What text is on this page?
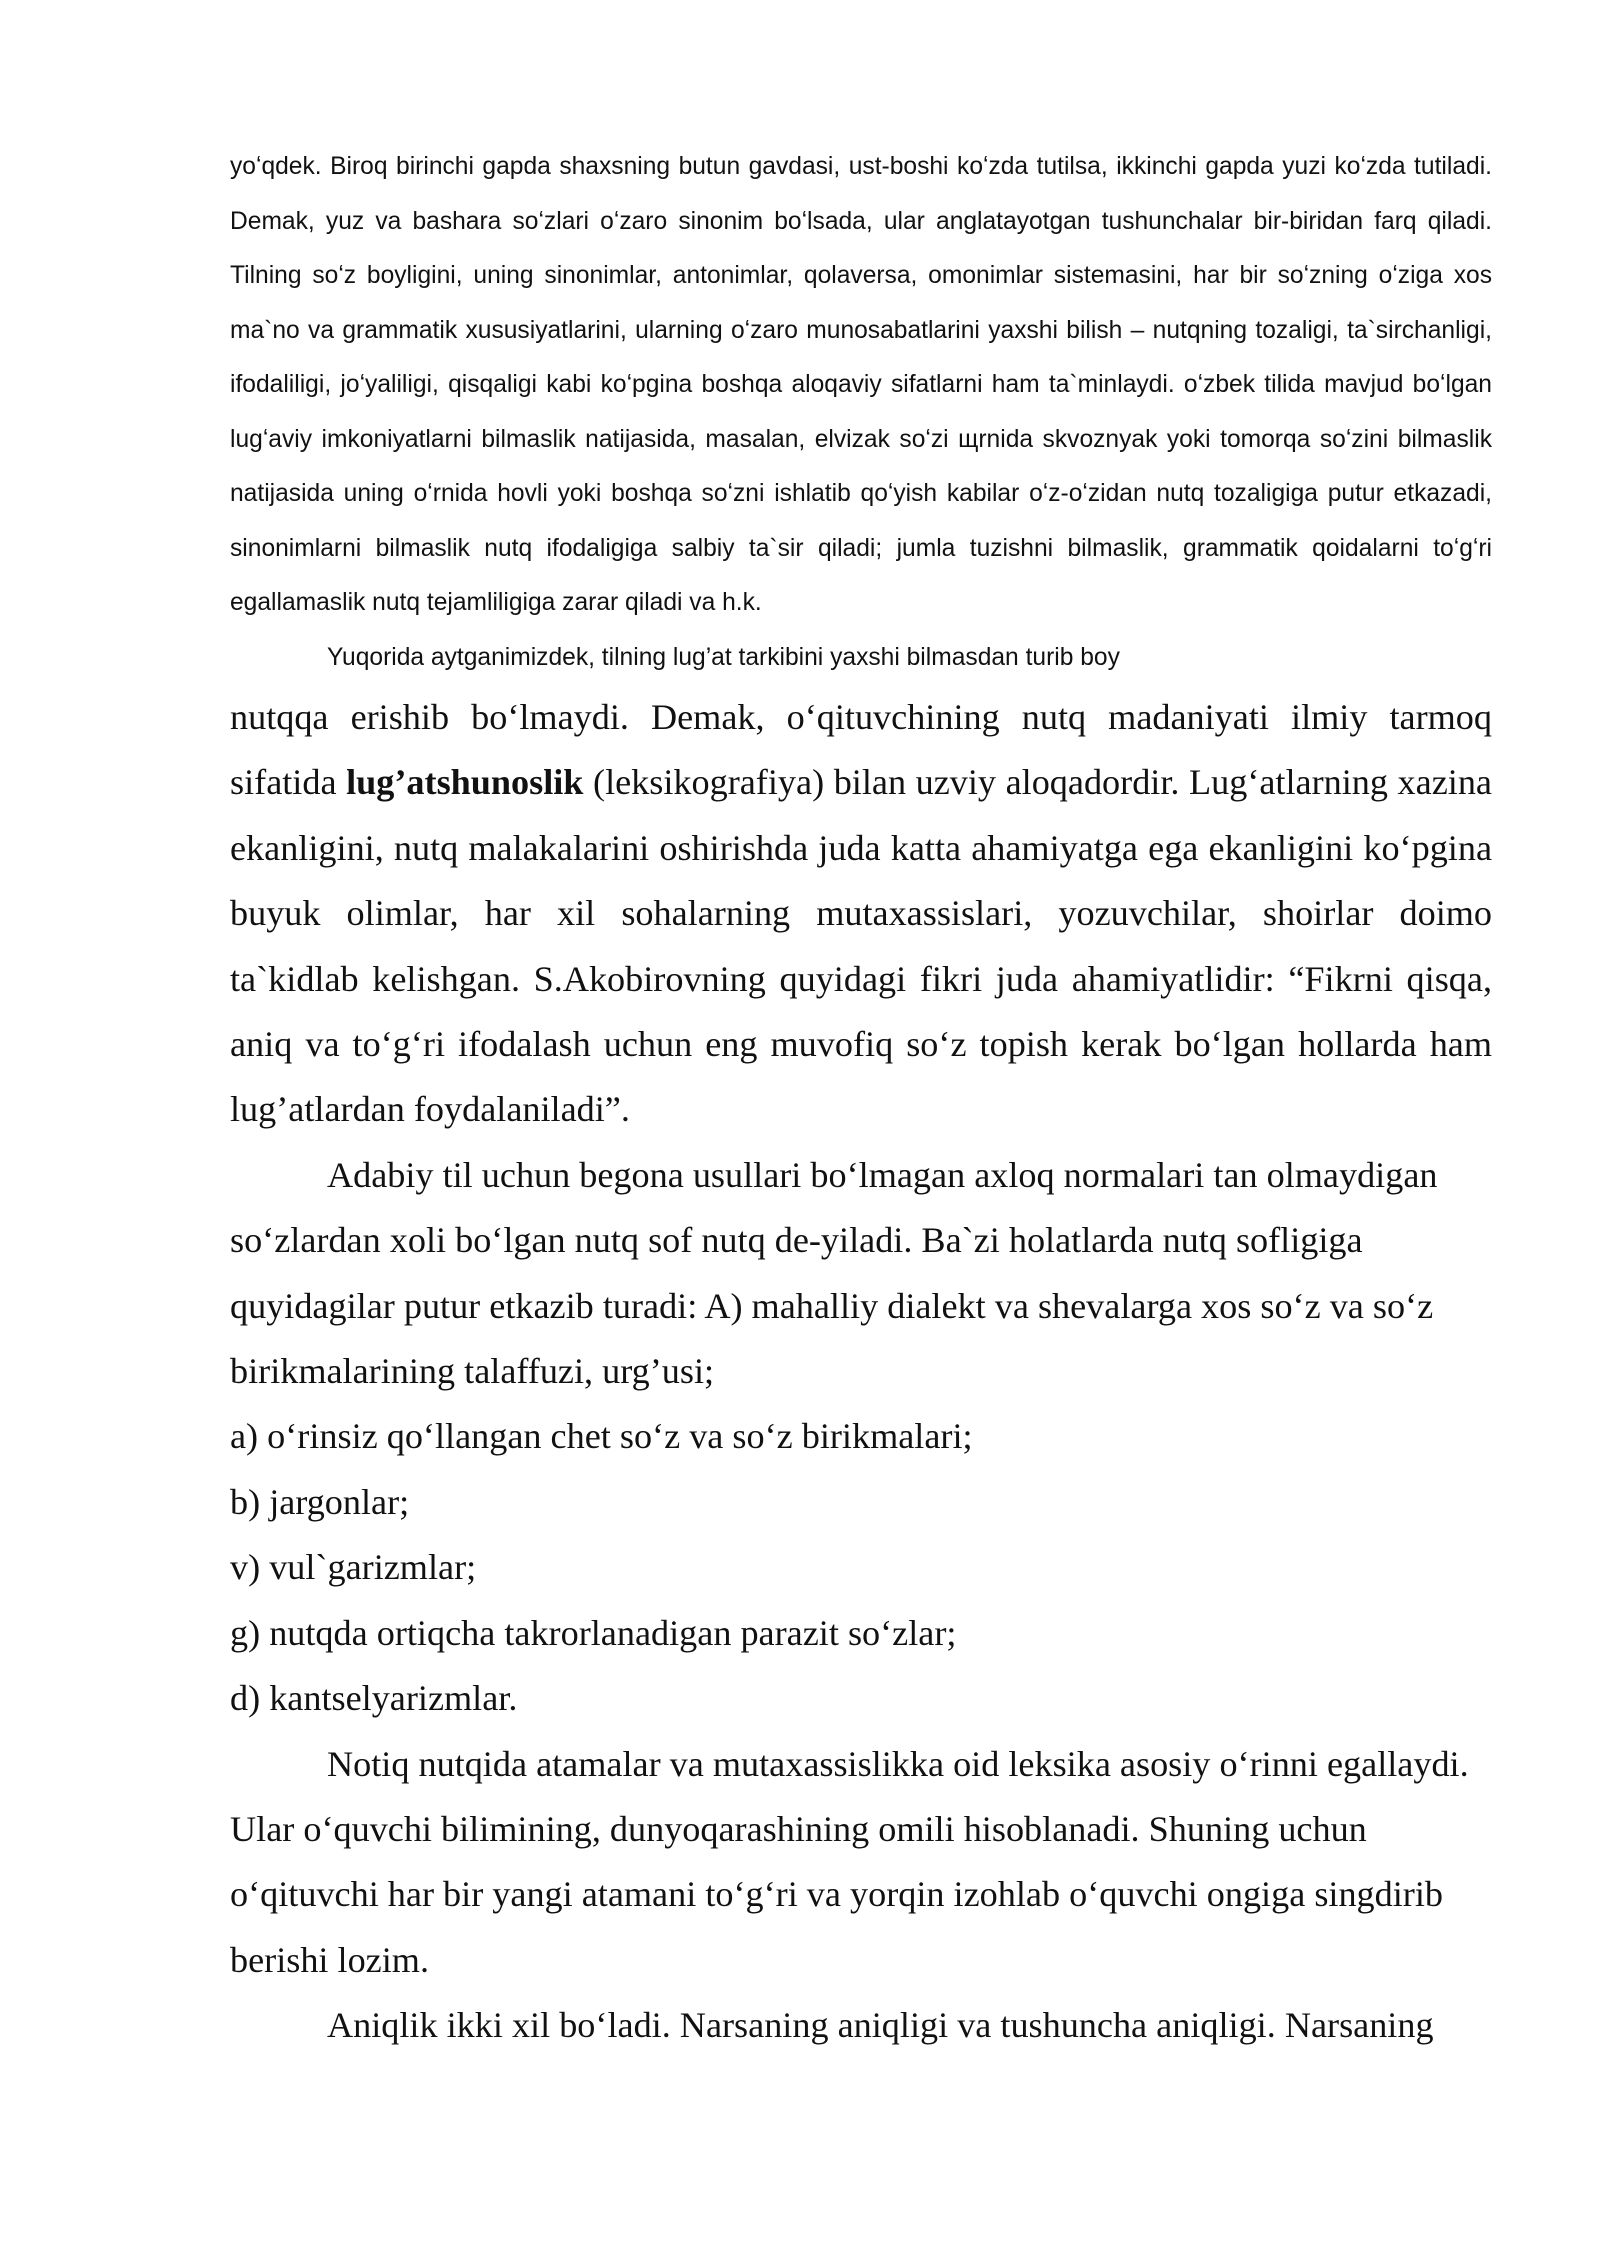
yoʻqdek. Biroq birinchi gapda shaxsning butun gavdasi, ust-boshi koʻzda tutilsa, ikkinchi gapda yuzi koʻzda tutiladi. Demak, yuz va bashara soʻzlari oʻzaro sinonim boʻlsada, ular anglatayotgan tushunchalar bir-biridan farq qiladi. Tilning soʻz boyligini, uning sinonimlar, antonimlar, qolaversa, omonimlar sistemasini, har bir soʻzning oʻziga xos ma`no va grammatik xususiyatlarini, ularning oʻzaro munosabatlarini yaxshi bilish – nutqning tozaligi, ta`sirchanligi, ifodaliligi, joʻyaliligi, qisqaligi kabi koʻpgina boshqa aloqaviy sifatlarni ham ta`minlaydi. oʻzbek tilida mavjud boʻlgan lugʻaviy imkoniyatlarni bilmaslik natijasida, masalan, elvizak soʻzi щrnida skvoznyak yoki tomorqa soʻzini bilmaslik natijasida uning oʻrnida hovli yoki boshqa soʻzni ishlatib qoʻyish kabilar oʻz-oʻzidan nutq tozaligiga putur etkazadi, sinonimlarni bilmaslik nutq ifodaligiga salbiy ta`sir qiladi; jumla tuzishni bilmaslik, grammatik qoidalarni toʻgʻri egallamaslik nutq tejamliligiga zarar qiladi va h.k.

Yuqorida aytganimizdek, tilning lug’at tarkibini yaxshi bilmasdan turib boy

nutqqa erishib boʻlmaydi. Demak, oʻqituvchining nutq madaniyati ilmiy tarmoq sifatida lug’atshunoslik (leksikografiya) bilan uzviy aloqadordir. Lugʻatlarning xazina ekanligini, nutq malakalarini oshirishda juda katta ahamiyatga ega ekanligini koʻpgina buyuk olimlar, har xil sohalarning mutaxassislari, yozuvchilar, shoirlar doimo ta`kidlab kelishgan. S.Akobirovning quyidagi fikri juda ahamiyatlidir: “Fikrni qisqa, aniq va toʻgʻri ifodalash uchun eng muvofiq soʻz topish kerak boʻlgan hollarda ham lug’atlardan foydalaniladi”.

Adabiy til uchun begona usullari boʻlmagan axloq normalari tan olmaydigan soʻzlardan xoli boʻlgan nutq sof nutq de-yiladi. Ba`zi holatlarda nutq sofligiga quyidagilar putur etkazib turadi: A) mahalliy dialekt va shevalarga xos soʻz va soʻz birikmalarining talaffuzi, urg’usi;

a) oʻrinsiz qoʻllangan chet soʻz va soʻz birikmalari;

b) jargonlar;

v) vul`garizmlar;

g) nutqda ortiqcha takrorlanadigan parazit soʻzlar;

d) kantselyarizmlar.

Notiq nutqida atamalar va mutaxassislikka oid leksika asosiy oʻrinni egallaydi. Ular oʻquvchi bilimining, dunyoqarashining omili hisoblanadi. Shuning uchun oʻqituvchi har bir yangi atamani toʻgʻri va yorqin izohlab oʻquvchi ongiga singdirib berishi lozim.

Aniqlik ikki xil boʻladi. Narsaning aniqligi va tushuncha aniqligi. Narsaning
